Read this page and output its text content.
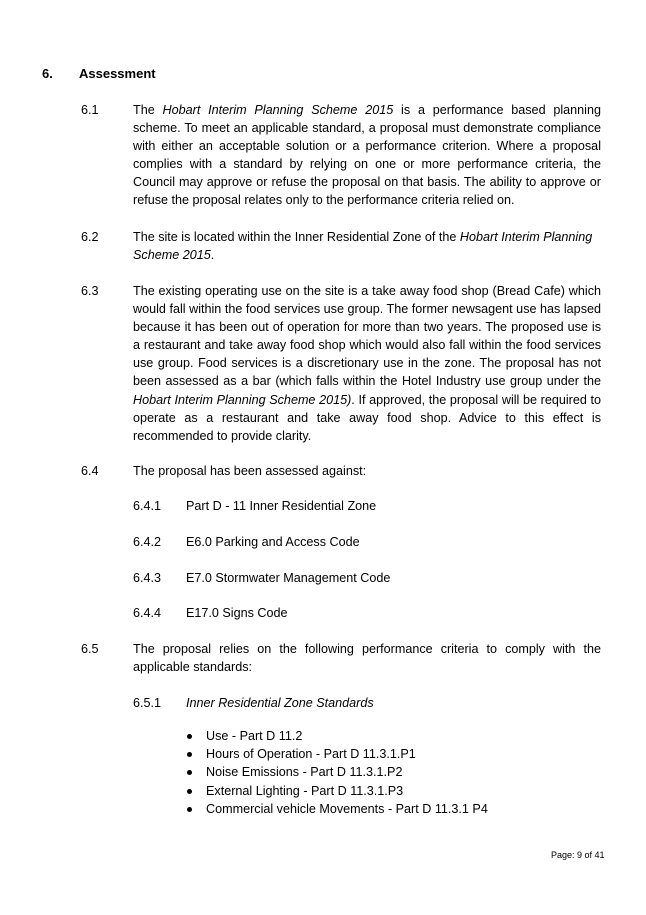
6. Assessment
6.1	The Hobart Interim Planning Scheme 2015 is a performance based planning scheme. To meet an applicable standard, a proposal must demonstrate compliance with either an acceptable solution or a performance criterion. Where a proposal complies with a standard by relying on one or more performance criteria, the Council may approve or refuse the proposal on that basis. The ability to approve or refuse the proposal relates only to the performance criteria relied on.
6.2	The site is located within the Inner Residential Zone of the Hobart Interim Planning Scheme 2015.
6.3	The existing operating use on the site is a take away food shop (Bread Cafe) which would fall within the food services use group. The former newsagent use has lapsed because it has been out of operation for more than two years. The proposed use is a restaurant and take away food shop which would also fall within the food services use group. Food services is a discretionary use in the zone. The proposal has not been assessed as a bar (which falls within the Hotel Industry use group under the Hobart Interim Planning Scheme 2015). If approved, the proposal will be required to operate as a restaurant and take away food shop. Advice to this effect is recommended to provide clarity.
6.4	The proposal has been assessed against:
6.4.1 Part D - 11 Inner Residential Zone
6.4.2 E6.0 Parking and Access Code
6.4.3 E7.0 Stormwater Management Code
6.4.4 E17.0 Signs Code
6.5	The proposal relies on the following performance criteria to comply with the applicable standards:
6.5.1 Inner Residential Zone Standards
Use - Part D 11.2
Hours of Operation - Part D 11.3.1.P1
Noise Emissions - Part D 11.3.1.P2
External Lighting - Part D 11.3.1.P3
Commercial vehicle Movements - Part D 11.3.1 P4
Page: 9 of 41
